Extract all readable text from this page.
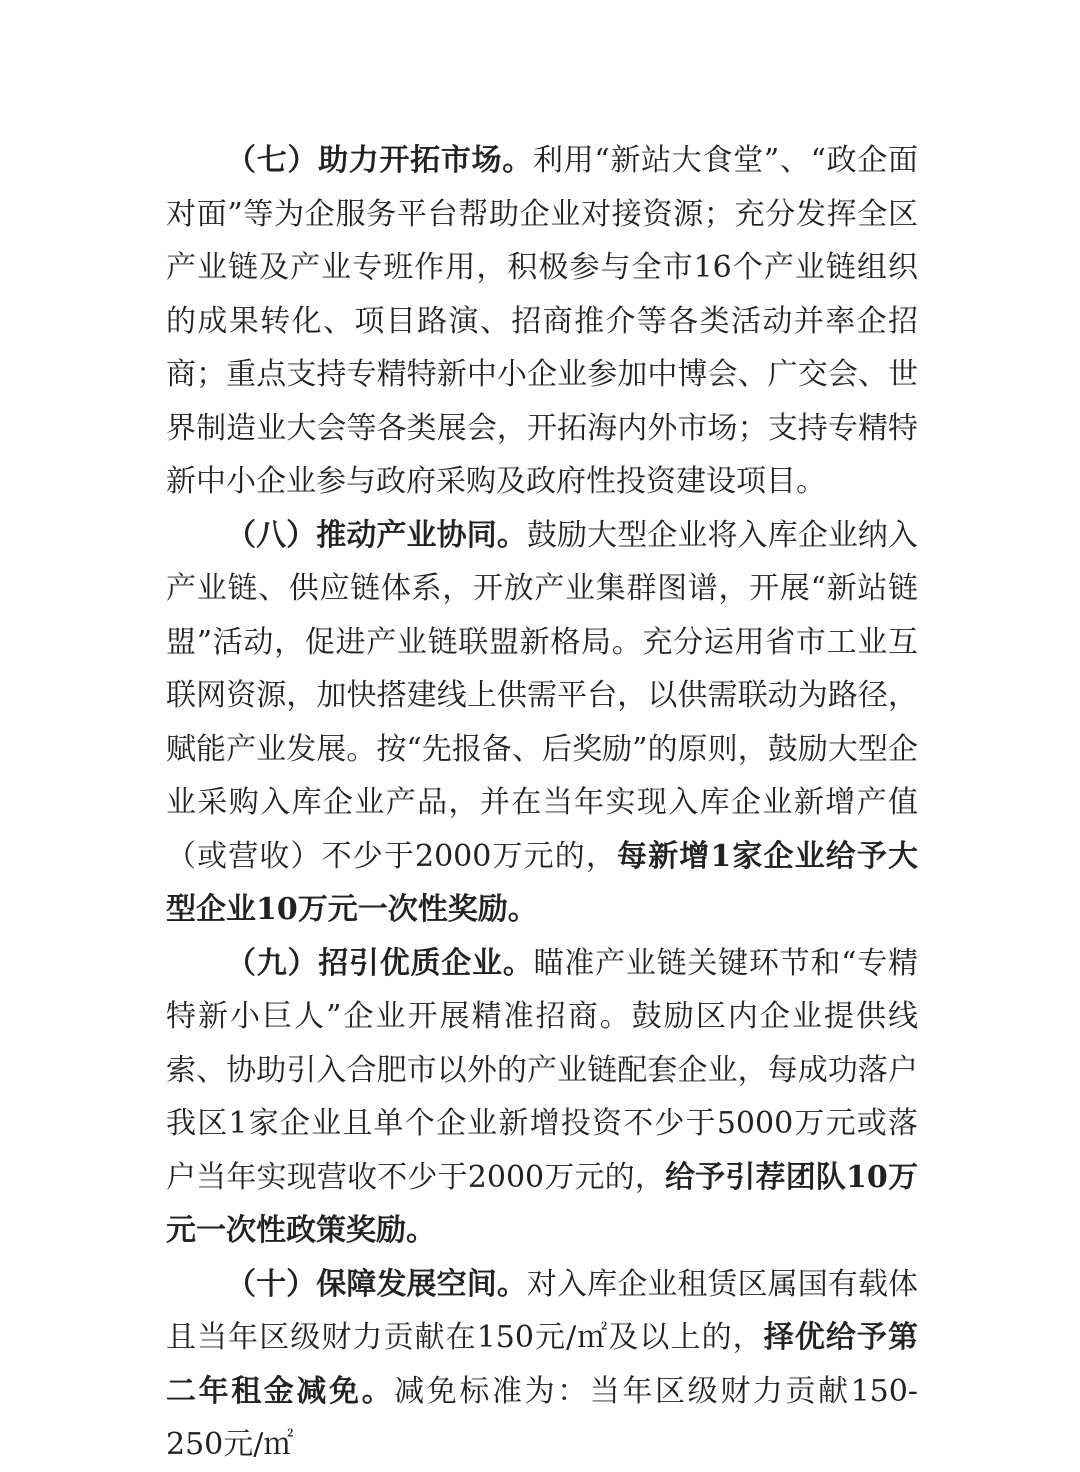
（七）助力开拓市场。利用“新站大食堂”、“政企面对面”等为企服务平台帮助企业对接资源；充分发挥全区产业链及产业专班作用，积极参与全市16个产业链组织的成果转化、项目路演、招商推介等各类活动并率企招商；重点支持专精特新中小企业参加中博会、广交会、世界制造业大会等各类展会，开拓海内外市场；支持专精特新中小企业参与政府采购及政府性投资建设项目。

（八）推动产业协同。鼓励大型企业将入库企业纳入产业链、供应链体系，开放产业集群图谱，开展“新站链盟”活动，促进产业链联盟新格局。充分运用省市工业互联网资源，加快搭建线上供需平台，以供需联动为路径，赋能产业发展。按“先报备、后奖励”的原则，鼓励大型企业采购入库企业产品，并在当年实现入库企业新增产值（或营收）不少于2000万元的，每新增1家企业给予大型企业10万元一次性奖励。

（九）招引优质企业。瞄准产业链关键环节和“专精特新小巨人”企业开展精准招商。鼓励区内企业提供线索、协助引入合肥市以外的产业链配套企业，每成功落户我区1家企业且单个企业新增投资不少于5000万元或落户当年实现营收不少于2000万元的，给予引荐团队10万元一次性政策奖励。

（十）保障发展空间。对入库企业租赁区属国有载体且当年区级财力贡献在150元/㎡及以上的，择优给予第二年租金减免。减免标准为：当年区级财力贡献150-250元/㎡
